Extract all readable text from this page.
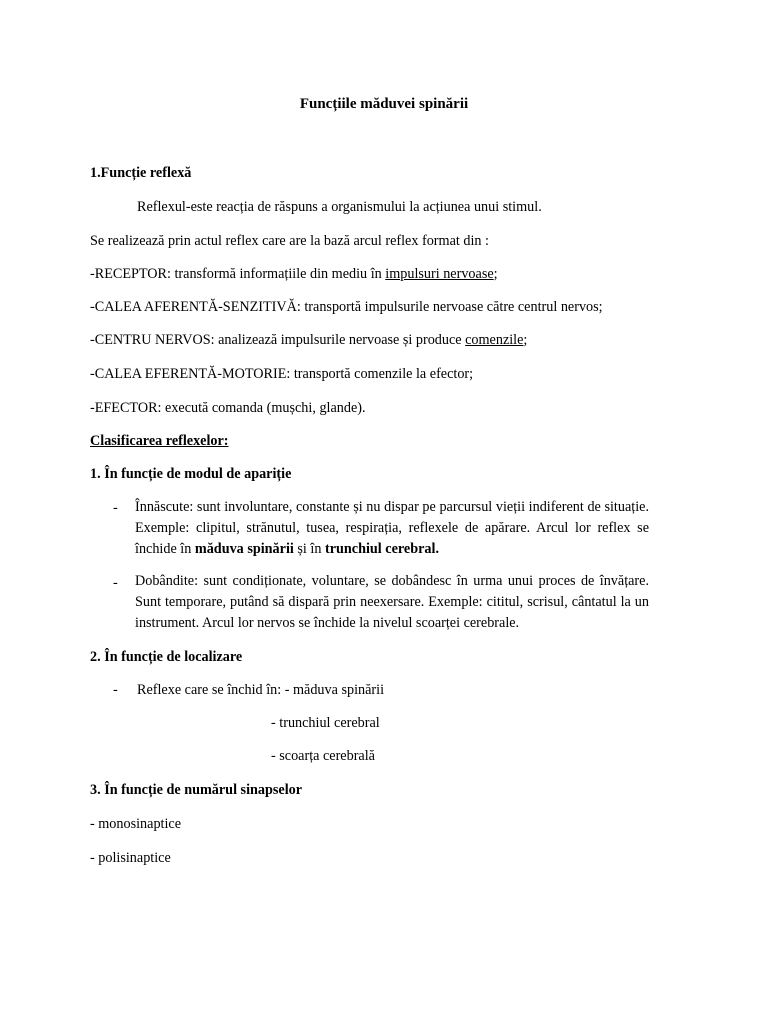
Funcțiile măduvei spinării
1.Funcție reflexă
Reflexul-este reacția de răspuns a organismului la acțiunea unui stimul.
Se realizează prin actul reflex care are la bază arcul reflex format din :
-RECEPTOR: transformă informațiile din mediu în impulsuri nervoase;
-CALEA AFERENTĂ-SENZITIVĂ: transportă impulsurile nervoase către centrul nervos;
-CENTRU NERVOS: analizează impulsurile nervoase și produce comenzile;
-CALEA EFERENTĂ-MOTORIE: transportă comenzile la efector;
-EFECTOR: execută comanda (mușchi, glande).
Clasificarea reflexelor:
1. În funcție de modul de apariție
- Înnăscute: sunt involuntare, constante și nu dispar pe parcursul vieții indiferent de situație. Exemple: clipitul, strănutul, tusea, respirația, reflexele de apărare. Arcul lor reflex se închide în măduva spinării și în trunchiul cerebral.
- Dobândite: sunt condiționate, voluntare, se dobândesc în urma unui proces de învățare. Sunt temporare, putând să dispară prin neexersare. Exemple: cititul, scrisul, cântatul la un instrument. Arcul lor nervos se închide la nivelul scoarței cerebrale.
2. În funcție de localizare
- Reflexe care se închid în: - măduva spinării
- trunchiul cerebral
- scoarța cerebrală
3. În funcție de numărul sinapselor
- monosinaptice
- polisinaptice
